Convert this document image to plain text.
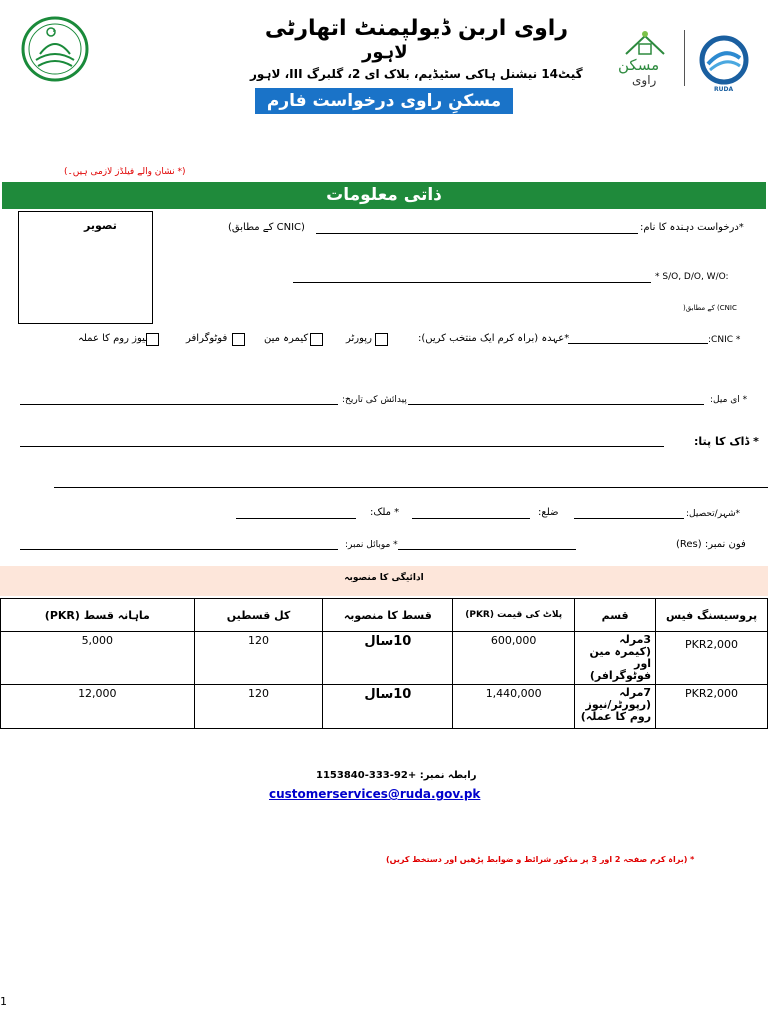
راوی اربن ڈیولپمنٹ اتھارٹی
لاہور
گیٹ14 نیشنل ہاکی سٹیڈیم، بلاک ای 2، گلبرگ III، لاہور
مسکنِ راوی درخواست فارم
مسکن
راوی
RUDA
(* نشان والے فیلڈز لازمی ہیں۔)
ذاتی معلومات
تصویر	*درخواست دہندہ کا نام:
(CNIC کے مطابق)
* S/O, D/O, W/O:
)کے مطابق (CNIC
* CNIC:
*عہدہ (براہ کرم ایک منتخب کریں):
رپورٹر
کیمرہ مین
فوٹوگرافر
نیوز روم کا عملہ
* ای میل:
پیدائش کی تاریخ:
* ڈاک کا پتا:
*شہر/تحصیل:
ضلع:
* ملک:
فون نمبر: (Res)
* موبائل نمبر:
ادائیگی کا منصوبہ
ماہانہ قسط (PKR)	کل قسطیں	قسط کا منصوبہ	پلاٹ کی قیمت (PKR)	قسم	پروسیسنگ فیس
5,000	120	10سال	600,000	3مرلہ (کیمرہ مین اور فوٹوگرافر)	PKR2,000
12,000	120	10سال	1,440,000	7مرلہ (رپورٹر/نیوز روم کا عملہ)	PKR2,000
رابطہ نمبر: +92-333-1153840
customerservices@ruda.gov.pk
* (براہ کرم صفحہ 2 اور 3 پر مذکور شرائط و ضوابط پڑھیں اور دستخط کریں)
1
